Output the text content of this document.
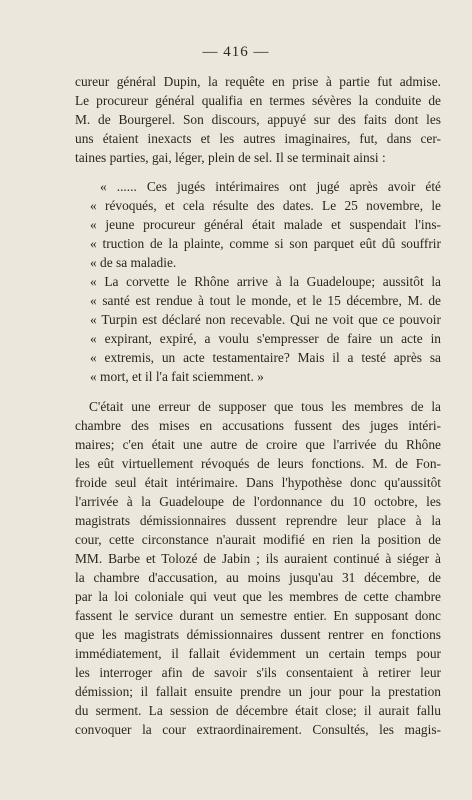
— 416 —
cureur général Dupin, la requête en prise à partie fut admise.
Le procureur général qualifia en termes sévères la conduite de
M. de Bourgerel. Son discours, appuyé sur des faits dont les
uns étaient inexacts et les autres imaginaires, fut, dans cer-
taines parties, gai, léger, plein de sel. Il se terminait ainsi :
« ...... Ces jugés intérimaires ont jugé après avoir été
« révoqués, et cela résulte des dates. Le 25 novembre, le
« jeune procureur général était malade et suspendait l'ins-
« truction de la plainte, comme si son parquet eût dû souffrir
« de sa maladie.
« La corvette le Rhône arrive à la Guadeloupe; aussitôt la
« santé est rendue à tout le monde, et le 15 décembre, M. de
« Turpin est déclaré non recevable. Qui ne voit que ce pouvoir
« expirant, expiré, a voulu s'empresser de faire un acte in
« extremis, un acte testamentaire? Mais il a testé après sa
« mort, et il l'a fait sciemment. »
C'était une erreur de supposer que tous les membres de la
chambre des mises en accusations fussent des juges intéri-
maires; c'en était une autre de croire que l'arrivée du Rhône
les eût virtuellement révoqués de leurs fonctions. M. de Fon-
froide seul était intérimaire. Dans l'hypothèse donc qu'aussitôt
l'arrivée à la Guadeloupe de l'ordonnance du 10 octobre, les
magistrats démissionnaires dussent reprendre leur place à la
cour, cette circonstance n'aurait modifié en rien la position de
MM. Barbe et Tolozé de Jabin ; ils auraient continué à siéger à
la chambre d'accusation, au moins jusqu'au 31 décembre, de
par la loi coloniale qui veut que les membres de cette chambre
fassent le service durant un semestre entier. En supposant donc
que les magistrats démissionnaires dussent rentrer en fonctions
immédiatement, il fallait évidemment un certain temps pour
les interroger afin de savoir s'ils consentaient à retirer leur
démission; il fallait ensuite prendre un jour pour la prestation
du serment. La session de décembre était close; il aurait fallu
convoquer la cour extraordinairement. Consultés, les magis-
